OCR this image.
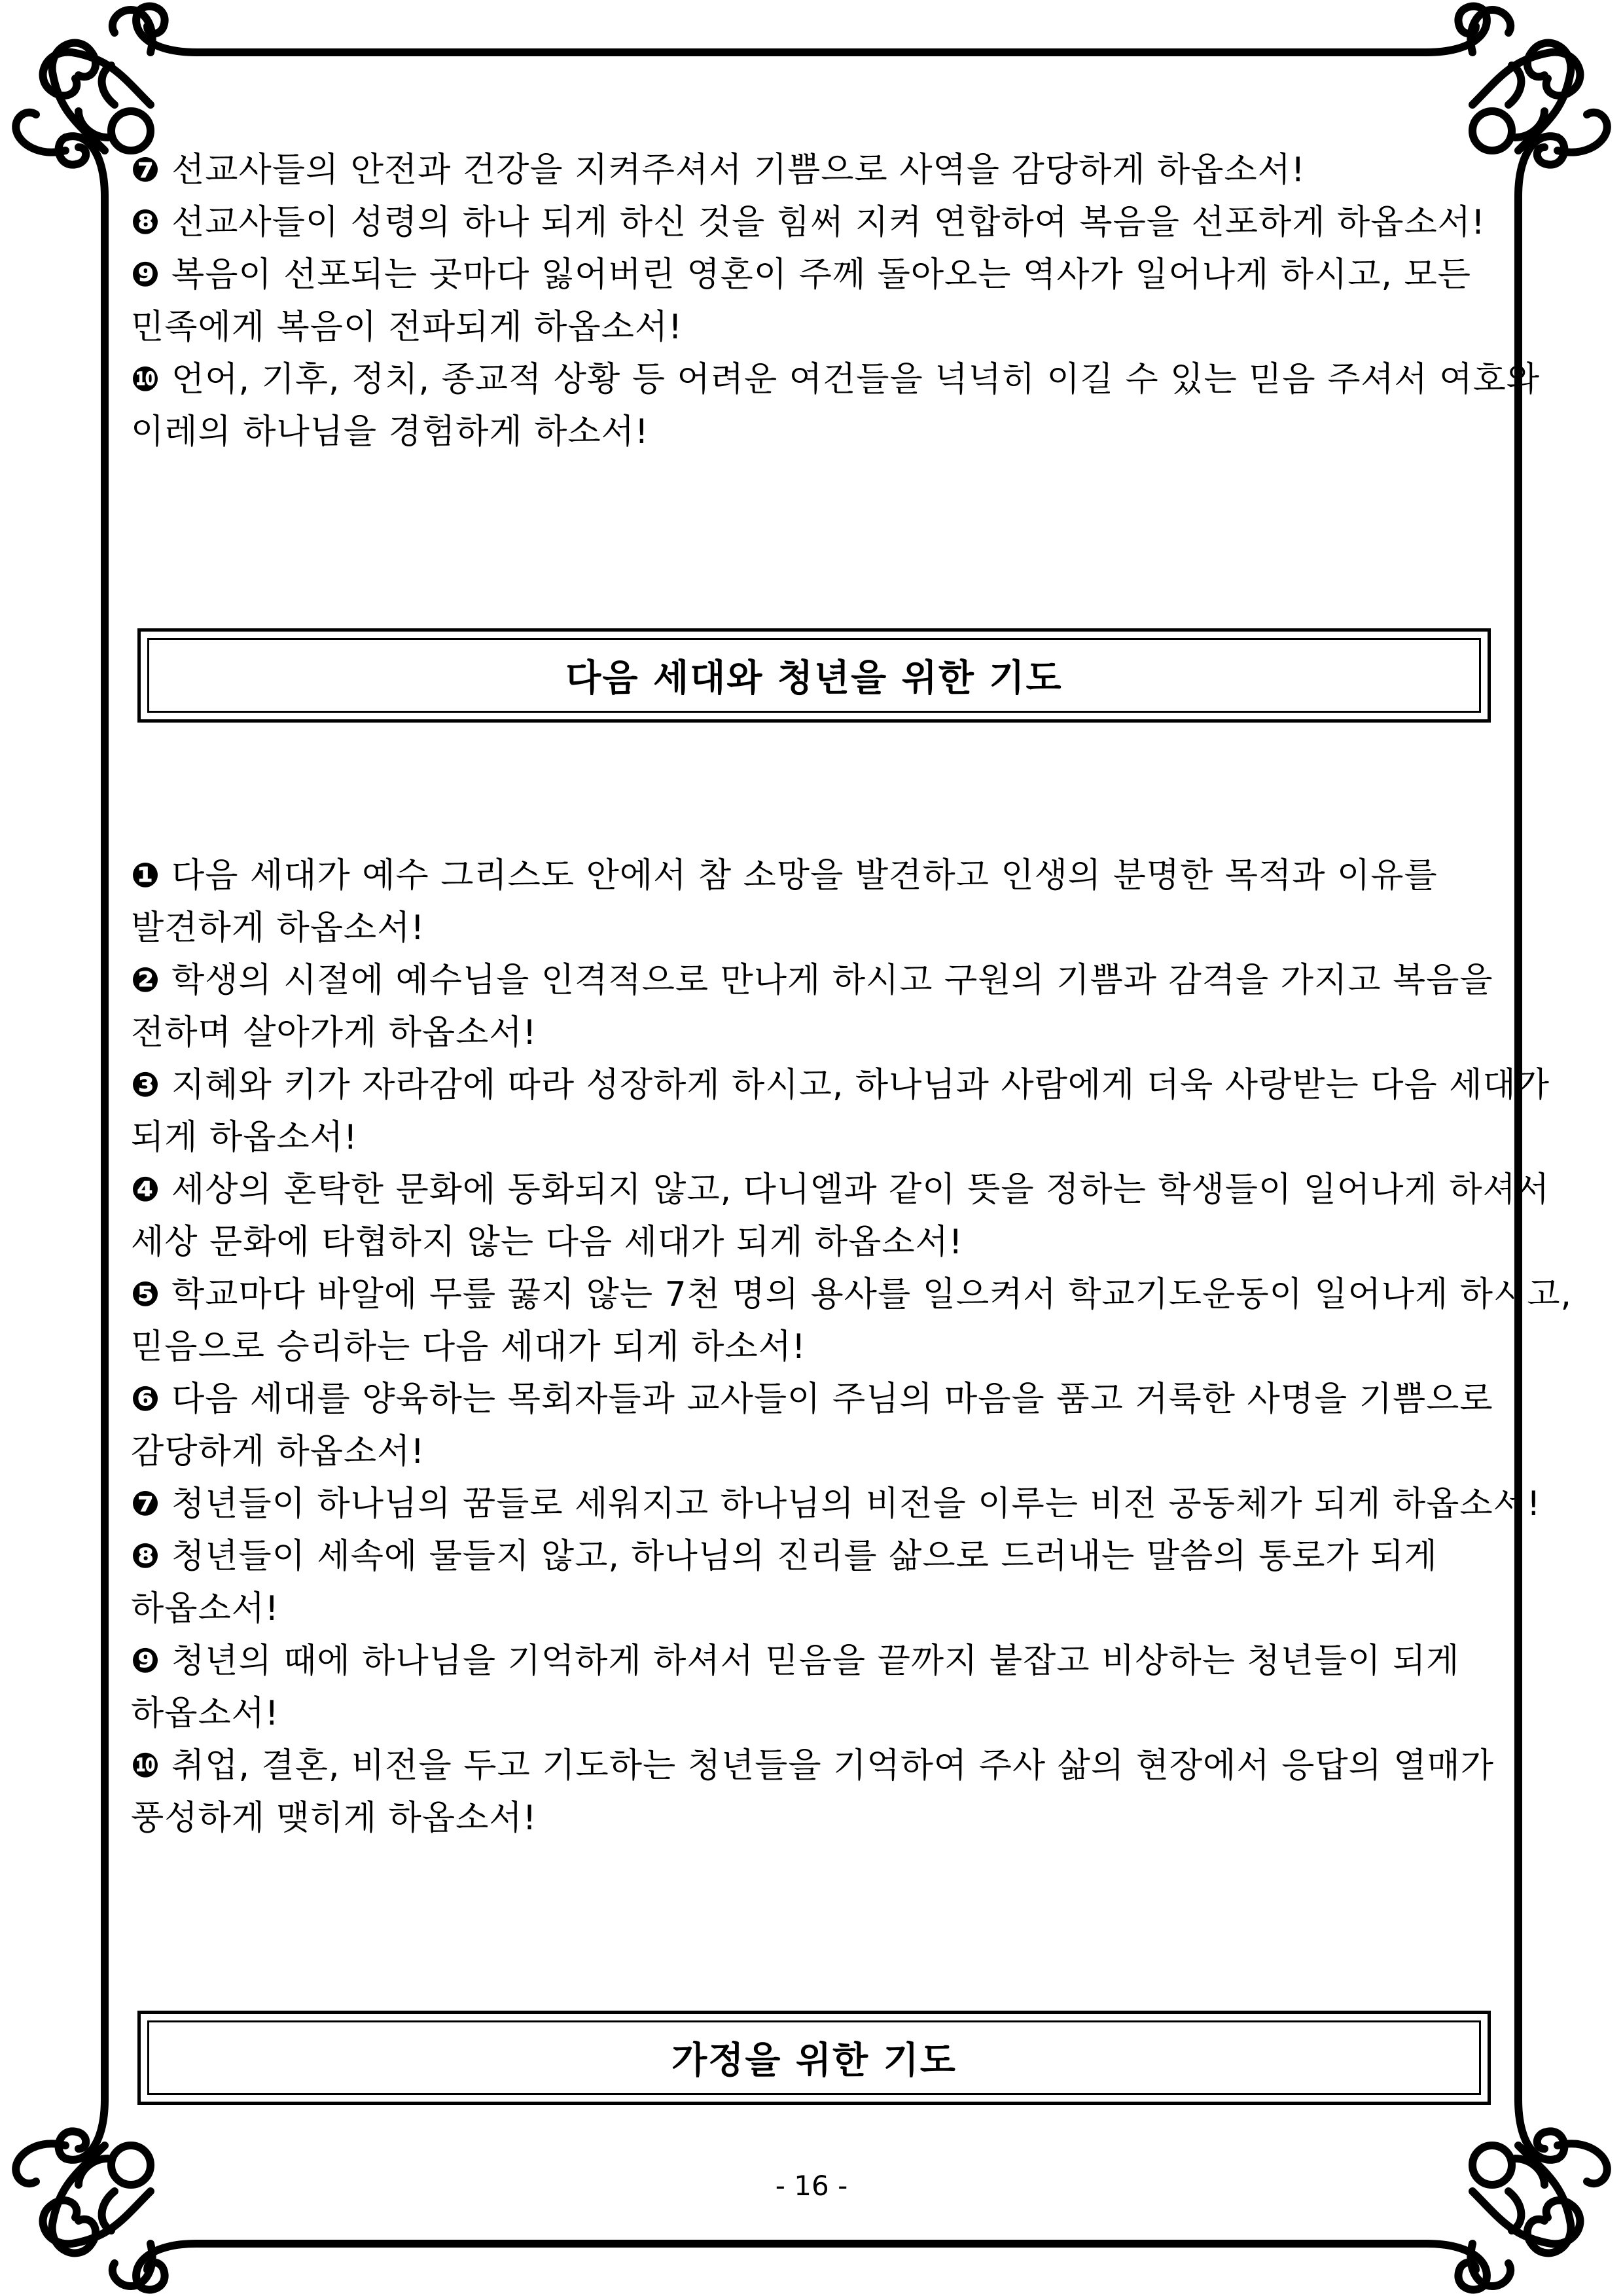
❼ 선교사들의 안전과 건강을 지켜주셔서 기쁨으로 사역을 감당하게 하옵소서!
❽ 선교사들이 성령의 하나 되게 하신 것을 힘써 지켜 연합하여 복음을 선포하게 하옵소서!
❾ 복음이 선포되는 곳마다 잃어버린 영혼이 주께 돌아오는 역사가 일어나게 하시고, 모든
민족에게 복음이 전파되게 하옵소서!
❿ 언어, 기후, 정치, 종교적 상황 등 어려운 여건들을 넉넉히 이길 수 있는 믿음 주셔서 여호와
이레의 하나님을 경험하게 하소서!
다음 세대와 청년을 위한 기도
❶ 다음 세대가 예수 그리스도 안에서 참 소망을 발견하고 인생의 분명한 목적과 이유를
발견하게 하옵소서!
❷ 학생의 시절에 예수님을 인격적으로 만나게 하시고 구원의 기쁨과 감격을 가지고 복음을
전하며 살아가게 하옵소서!
❸ 지혜와 키가 자라감에 따라 성장하게 하시고, 하나님과 사람에게 더욱 사랑받는 다음 세대가
되게 하옵소서!
❹ 세상의 혼탁한 문화에 동화되지 않고, 다니엘과 같이 뜻을 정하는 학생들이 일어나게 하셔서
세상 문화에 타협하지 않는 다음 세대가 되게 하옵소서!
❺ 학교마다 바알에 무릎 꿇지 않는 7천 명의 용사를 일으켜서 학교기도운동이 일어나게 하시고,
믿음으로 승리하는 다음 세대가 되게 하소서!
❻ 다음 세대를 양육하는 목회자들과 교사들이 주님의 마음을 품고 거룩한 사명을 기쁨으로
감당하게 하옵소서!
❼ 청년들이 하나님의 꿈들로 세워지고 하나님의 비전을 이루는 비전 공동체가 되게 하옵소서!
❽ 청년들이 세속에 물들지 않고, 하나님의 진리를 삶으로 드러내는 말씀의 통로가 되게
하옵소서!
❾ 청년의 때에 하나님을 기억하게 하셔서 믿음을 끝까지 붙잡고 비상하는 청년들이 되게
하옵소서!
❿ 취업, 결혼, 비전을 두고 기도하는 청년들을 기억하여 주사 삶의 현장에서 응답의 열매가
풍성하게 맺히게 하옵소서!
가정을 위한 기도
- 16 -
